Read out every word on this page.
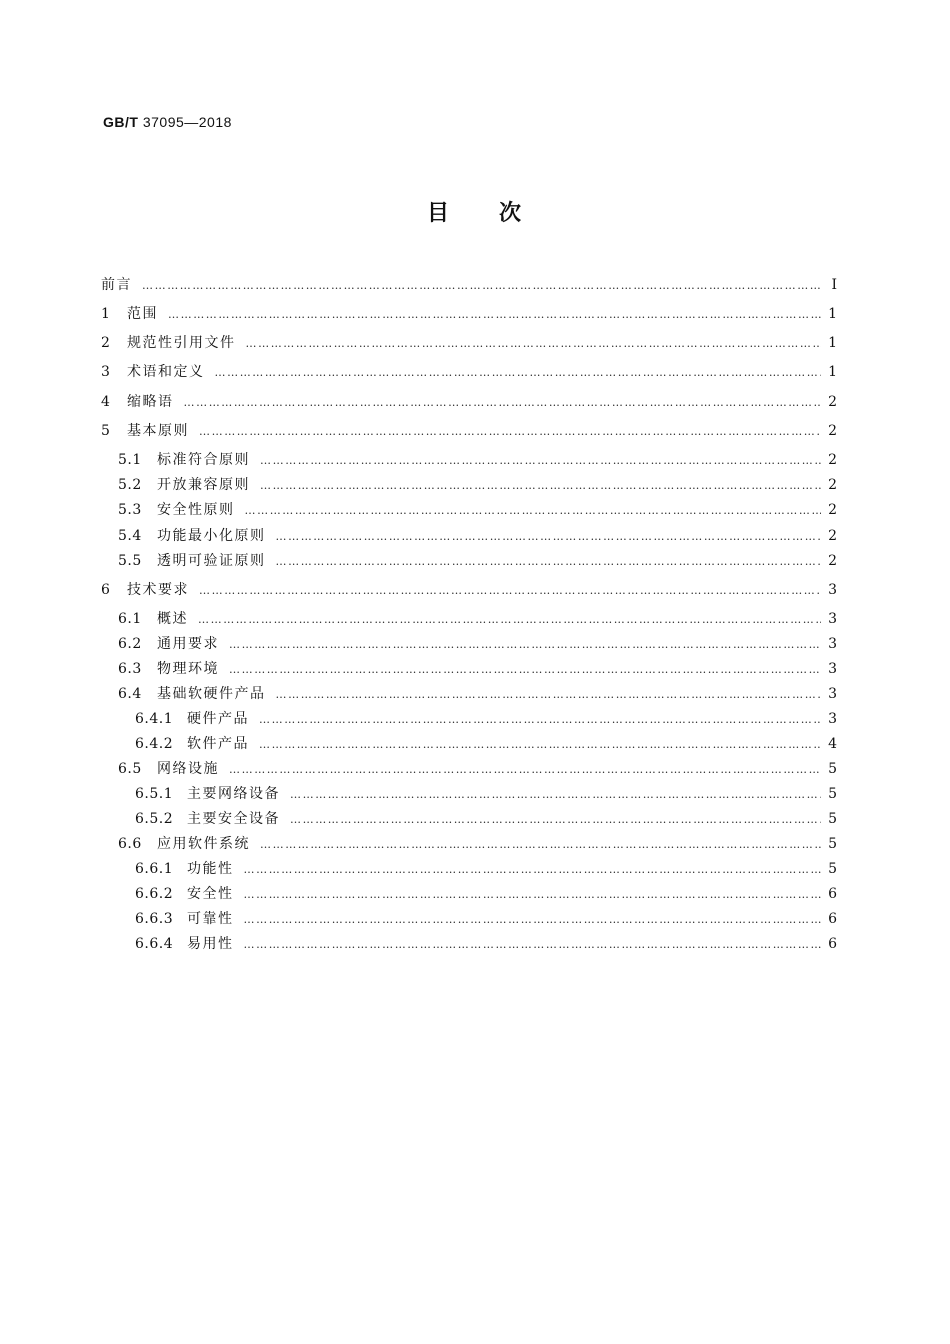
GB/T 37095—2018
目 次
前言 …………………………………………………………………………………………………………………………………………………………………………………………………………………………………………………………	Ⅰ
1	范围 …………………………………………………………………………………………………………………………………………………………………………………………………………………………………………………………	1
2	规范性引用文件 …………………………………………………………………………………………………………………………………………………………………………………………………………………………………………………………	1
3	术语和定义 …………………………………………………………………………………………………………………………………………………………………………………………………………………………………………………………	1
4	缩略语 …………………………………………………………………………………………………………………………………………………………………………………………………………………………………………………………	2
5	基本原则 …………………………………………………………………………………………………………………………………………………………………………………………………………………………………………………………	2
5.1	标准符合原则 …………………………………………………………………………………………………………………………………………………………………………………………………………………………………………………………	2
5.2	开放兼容原则 …………………………………………………………………………………………………………………………………………………………………………………………………………………………………………………………	2
5.3	安全性原则 …………………………………………………………………………………………………………………………………………………………………………………………………………………………………………………………	2
5.4	功能最小化原则 …………………………………………………………………………………………………………………………………………………………………………………………………………………………………………………………	2
5.5	透明可验证原则 …………………………………………………………………………………………………………………………………………………………………………………………………………………………………………………………	2
6	技术要求 …………………………………………………………………………………………………………………………………………………………………………………………………………………………………………………………	3
6.1	概述 …………………………………………………………………………………………………………………………………………………………………………………………………………………………………………………………	3
6.2	通用要求 …………………………………………………………………………………………………………………………………………………………………………………………………………………………………………………………	3
6.3	物理环境 …………………………………………………………………………………………………………………………………………………………………………………………………………………………………………………………	3
6.4	基础软硬件产品 …………………………………………………………………………………………………………………………………………………………………………………………………………………………………………………………	3
6.4.1 硬件产品 …………………………………………………………………………………………………………………………………………………………………………………………………………………………………………………………	3
6.4.2 软件产品 …………………………………………………………………………………………………………………………………………………………………………………………………………………………………………………………	4
6.5	网络设施 …………………………………………………………………………………………………………………………………………………………………………………………………………………………………………………………	5
6.5.1 主要网络设备 …………………………………………………………………………………………………………………………………………………………………………………………………………………………………………………………	5
6.5.2 主要安全设备 …………………………………………………………………………………………………………………………………………………………………………………………………………………………………………………………	5
6.6	应用软件系统 …………………………………………………………………………………………………………………………………………………………………………………………………………………………………………………………	5
6.6.1 功能性 …………………………………………………………………………………………………………………………………………………………………………………………………………………………………………………………	5
6.6.2 安全性 …………………………………………………………………………………………………………………………………………………………………………………………………………………………………………………………	6
6.6.3 可靠性 …………………………………………………………………………………………………………………………………………………………………………………………………………………………………………………………	6
6.6.4 易用性 …………………………………………………………………………………………………………………………………………………………………………………………………………………………………………………………	6
